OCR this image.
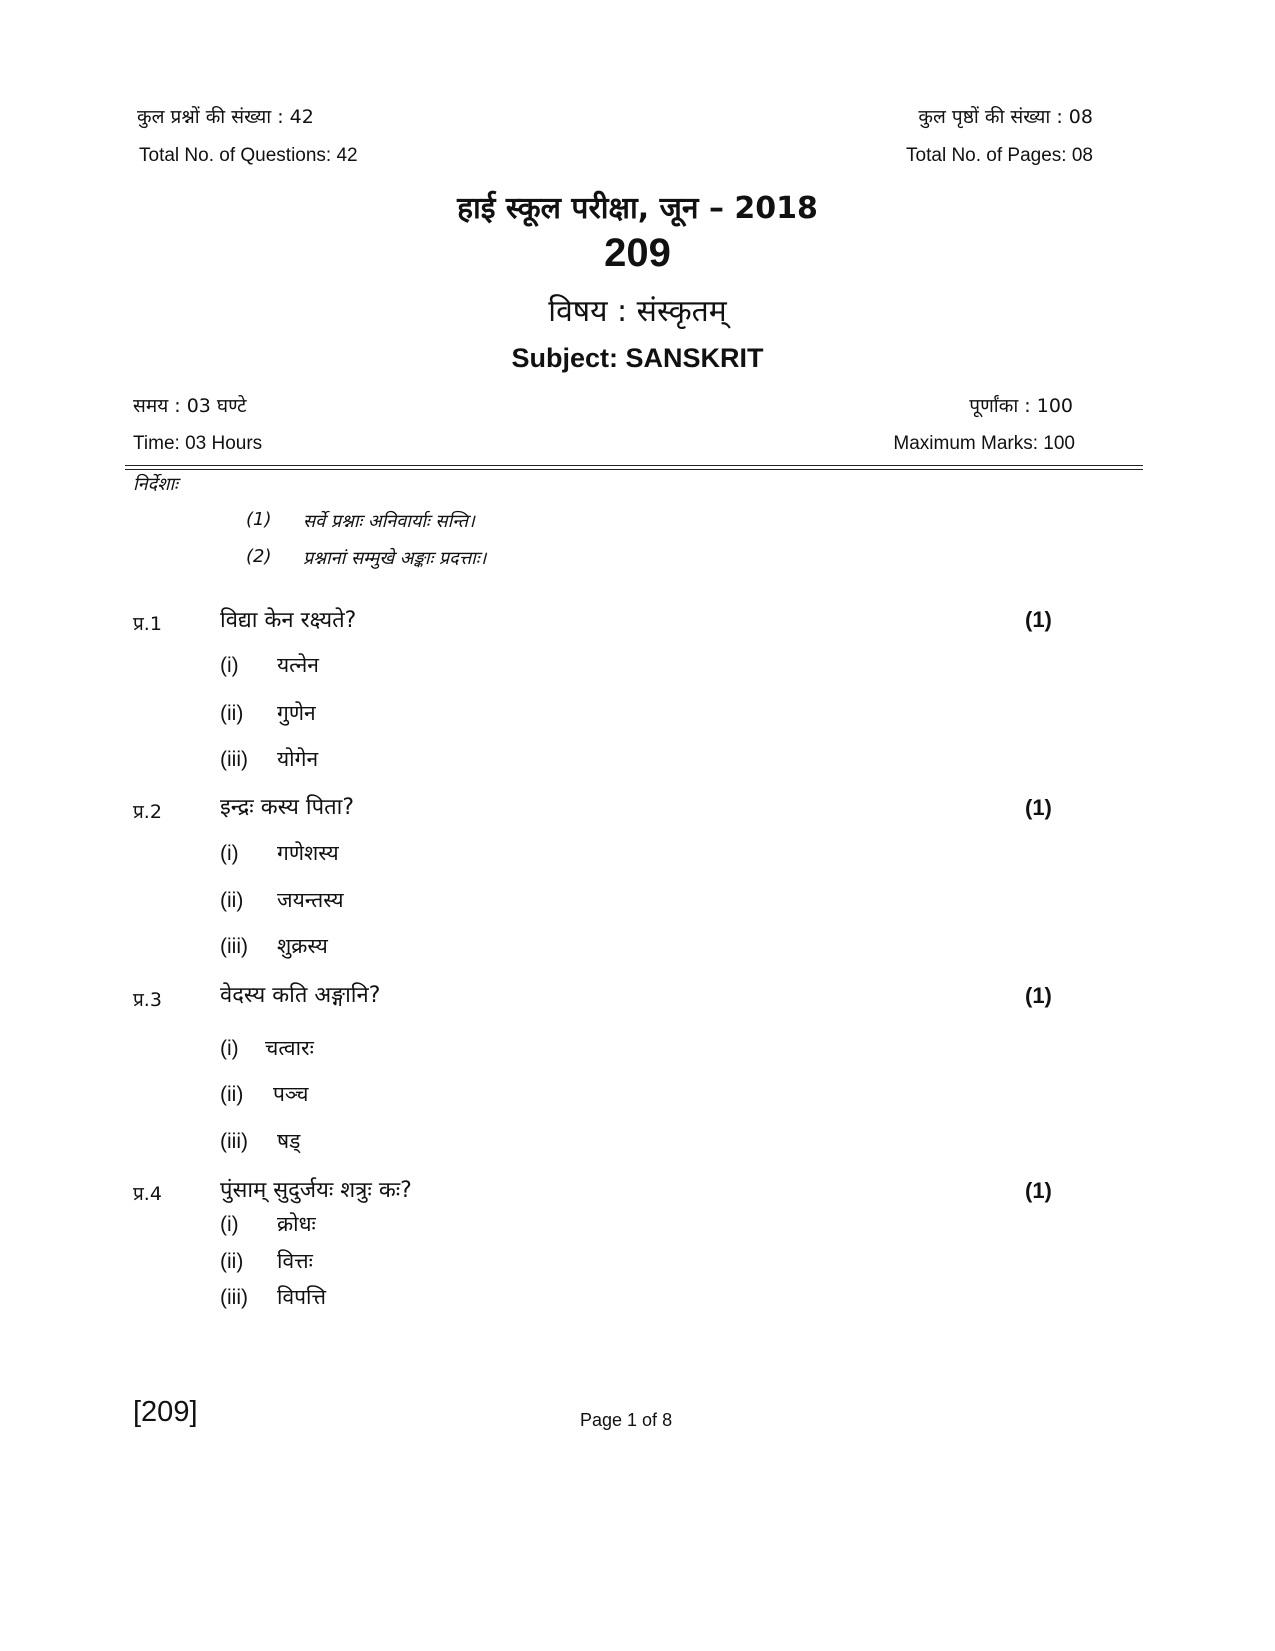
कुल प्रश्नों की संख्या : 42
Total No. of Questions: 42
कुल पृष्ठों की संख्या : 08
Total No. of Pages: 08
हाई स्कूल परीक्षा, जून – 2018
209
विषय : संस्कृतम्
Subject: SANSKRIT
समय : 03 घण्टे
Time: 03 Hours
पूर्णांका : 100
Maximum Marks: 100
निर्देशाः
(1) सर्वे प्रश्नाः अनिवार्याः सन्ति।
(2) प्रश्नानां सम्मुखे अङ्काः प्रदत्ताः।
प्र.1	विद्या केन रक्ष्यते?	(1)
(i) यत्नेन
(ii) गुणेन
(iii) योगेन
प्र.2	इन्द्रः कस्य पिता?	(1)
(i) गणेशस्य
(ii) जयन्तस्य
(iii) शुक्रस्य
प्र.3	वेदस्य कति अङ्गानि?	(1)
(i) चत्वारः
(ii) पञ्च
(iii) षड्
प्र.4	पुंसाम् सुदुर्जयः शत्रुः कः?	(1)
(i) क्रोधः
(ii) वित्तः
(iii) विपत्ति
[209]	Page 1 of 8
